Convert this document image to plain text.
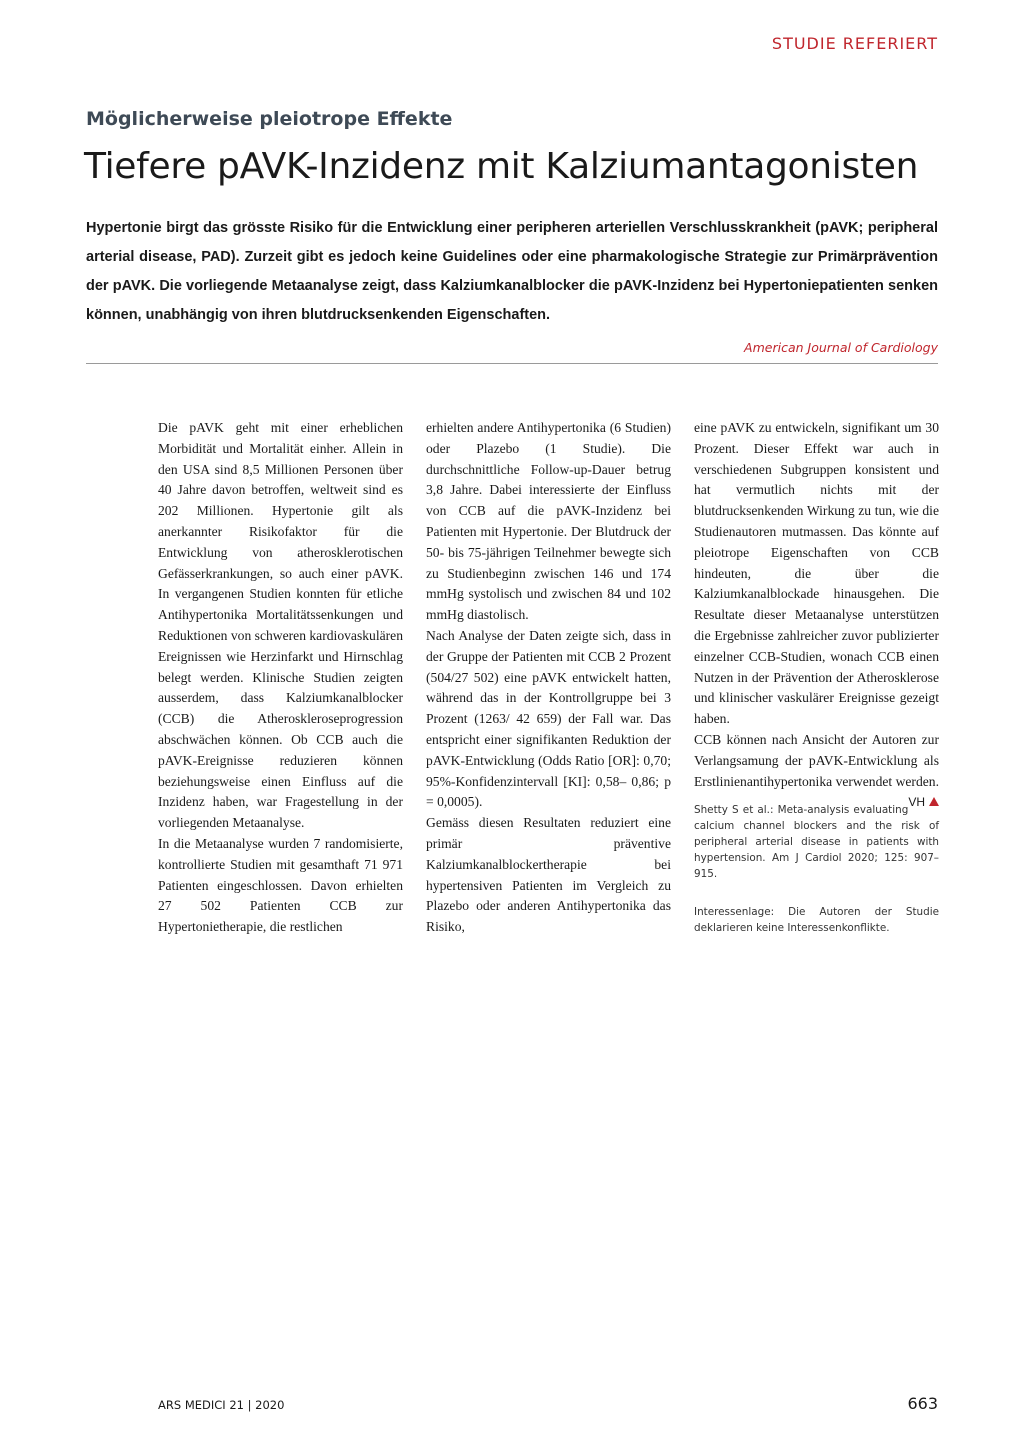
STUDIE REFERIERT
Möglicherweise pleiotrope Effekte
Tiefere pAVK-Inzidenz mit Kalziumantagonisten

Hypertonie birgt das grösste Risiko für die Entwicklung einer peripheren arteriellen Verschlusskrankheit (pAVK; peripheral arterial disease, PAD). Zurzeit gibt es jedoch keine Guidelines oder eine pharmakologische Strategie zur Primärprävention der pAVK. Die vorliegende Metaanalyse zeigt, dass Kalziumkanalblocker die pAVK-Inzidenz bei Hypertoniepatienten senken können, unabhängig von ihren blutdrucksenkenden Eigenschaften.

American Journal of Cardiology

Die pAVK geht mit einer erheblichen Morbidität und Mortalität einher. Allein in den USA sind 8,5 Millionen Personen über 40 Jahre davon betroffen, weltweit sind es 202 Millionen. Hypertonie gilt als anerkannter Risikofaktor für die Entwicklung von atherosklerotischen Gefässerkrankungen, so auch einer pAVK. In vergangenen Studien konnten für etliche Antihypertonika Mortalitätssenkungen und Reduktionen von schweren kardiovaskulären Ereignissen wie Herzinfarkt und Hirnschlag belegt werden. Klinische Studien zeigten ausserdem, dass Kalziumkanalblocker (CCB) die Atheroskleroseprogression abschwächen können. Ob CCB auch die pAVK-Ereignisse reduzieren können beziehungsweise einen Einfluss auf die Inzidenz haben, war Fragestellung in der vorliegenden Metaanalyse.

In die Metaanalyse wurden 7 randomisierte, kontrollierte Studien mit gesamthaft 71 971 Patienten eingeschlossen. Davon erhielten 27 502 Patienten CCB zur Hypertonietherapie, die restlichen

erhielten andere Antihypertonika (6 Studien) oder Plazebo (1 Studie). Die durchschnittliche Follow-up-Dauer betrug 3,8 Jahre. Dabei interessierte der Einfluss von CCB auf die pAVK-Inzidenz bei Patienten mit Hypertonie. Der Blutdruck der 50- bis 75-jährigen Teilnehmer bewegte sich zu Studienbeginn zwischen 146 und 174 mmHg systolisch und zwischen 84 und 102 mmHg diastolisch.

Nach Analyse der Daten zeigte sich, dass in der Gruppe der Patienten mit CCB 2 Prozent (504/27 502) eine pAVK entwickelt hatten, während das in der Kontrollgruppe bei 3 Prozent (1263/ 42 659) der Fall war. Das entspricht einer signifikanten Reduktion der pAVK-Entwicklung (Odds Ratio [OR]: 0,70; 95%-Konfidenzintervall [KI]: 0,58– 0,86; p = 0,0005).

Gemäss diesen Resultaten reduziert eine primär präventive Kalziumkanalblockertherapie bei hypertensiven Patienten im Vergleich zu Plazebo oder anderen Antihypertonika das Risiko,

eine pAVK zu entwickeln, signifikant um 30 Prozent. Dieser Effekt war auch in verschiedenen Subgruppen konsistent und hat vermutlich nichts mit der blutdrucksenkenden Wirkung zu tun, wie die Studienautoren mutmassen. Das könnte auf pleiotrope Eigenschaften von CCB hindeuten, die über die Kalziumkanalblockade hinausgehen. Die Resultate dieser Metaanalyse unterstützen die Ergebnisse zahlreicher zuvor publizierter einzelner CCB-Studien, wonach CCB einen Nutzen in der Prävention der Atherosklerose und klinischer vaskulärer Ereignisse gezeigt haben.

CCB können nach Ansicht der Autoren zur Verlangsamung der pAVK-Entwicklung als Erstlinienantihypertonika verwendet werden.
VH

Shetty S et al.: Meta-analysis evaluating calcium channel blockers and the risk of peripheral arterial disease in patients with hypertension. Am J Cardiol 2020; 125: 907–915.
Interessenlage: Die Autoren der Studie deklarieren keine Interessenkonflikte.
ARS MEDICI 21 | 2020	663
